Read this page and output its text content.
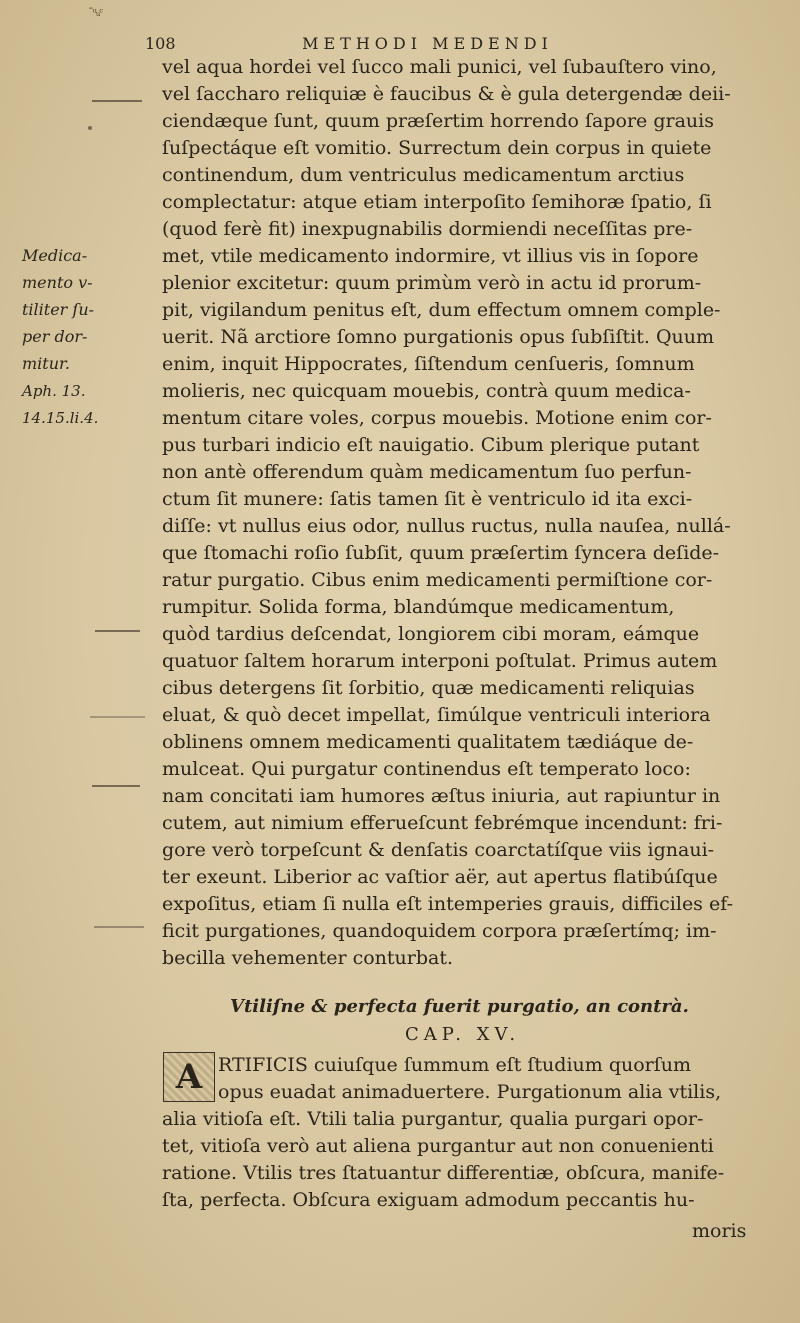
ˉᵘᵤᶜ
108	METHODI MEDENDI
vel aqua hordei vel ſucco mali punici, vel ſubauſtero vino,
vel ſaccharo reliquiæ è faucibus & è gula detergendæ deii-
ciendæque ſunt, quum præſertim horrendo ſapore grauis
ſuſpectáque eſt vomitio. Surrectum dein corpus in quiete
continendum, dum ventriculus medicamentum arctius
complectatur: atque etiam interpoſito ſemihoræ ſpatio, ſi
(quod ferè fit) inexpugnabilis dormiendi neceſſitas pre-
met, vtile medicamento indormire, vt illius vis in ſopore
plenior excitetur: quum primùm verò in actu id prorum-
pit, vigilandum penitus eſt, dum effectum omnem comple-
uerit. Nã arctiore ſomno purgationis opus ſubſiſtit. Quum
enim, inquit Hippocrates, ſiſtendum cenſueris, ſomnum
molieris, nec quicquam mouebis, contrà quum medica-
mentum citare voles, corpus mouebis. Motione enim cor-
pus turbari indicio eſt nauigatio. Cibum plerique putant
non antè offerendum quàm medicamentum ſuo perfun-
ctum ſit munere: ſatis tamen ſit è ventriculo id ita exci-
diſſe: vt nullus eius odor, nullus ructus, nulla nauſea, nullá-
que ſtomachi roſio ſubſit, quum præſertim ſyncera deſide-
ratur purgatio. Cibus enim medicamenti permiſtione cor-
rumpitur. Solida forma, blandúmque medicamentum,
quòd tardius deſcendat, longiorem cibi moram, eámque
quatuor ſaltem horarum interponi poſtulat. Primus autem
cibus detergens ſit ſorbitio, quæ medicamenti reliquias
eluat, & quò decet impellat, ſimúlque ventriculi interiora
oblinens omnem medicamenti qualitatem tædiáque de-
mulceat. Qui purgatur continendus eſt temperato loco:
nam concitati iam humores æſtus iniuria, aut rapiuntur in
cutem, aut nimium efferueſcunt febrémque incendunt: fri-
gore verò torpeſcunt & denſatis coarctatíſque viis ignaui-
ter exeunt. Liberior ac vaſtior aër, aut apertus flatibúſque
expoſitus, etiam ſi nulla eſt intemperies grauis, difficiles ef-
ficit purgationes, quandoquidem corpora præſertímq; im-
becilla vehementer conturbat.
Medica-
mento v-
tiliter ſu-
per dor-
mitur.
Aph. 13.
14.15.li.4.
Vtiliſne & perfecta fuerit purgatio, an contrà.
CAP. XV.
A RTIFICIS cuiuſque ſummum eſt ſtudium quorſum
opus euadat animaduertere. Purgationum alia vtilis,
alia vitioſa eſt. Vtili talia purgantur, qualia purgari opor-
tet, vitioſa verò aut aliena purgantur aut non conuenienti
ratione. Vtilis tres ſtatuantur differentiæ, obſcura, manife-
ſta, perfecta. Obſcura exiguam admodum peccantis hu-
moris
